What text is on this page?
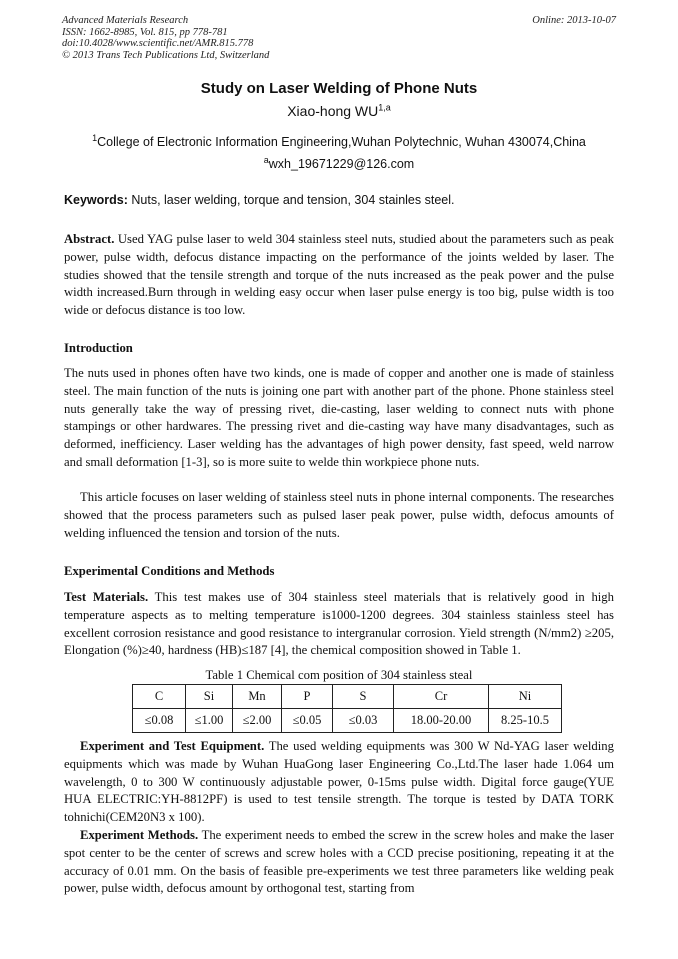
Advanced Materials Research
ISSN: 1662-8985, Vol. 815, pp 778-781
doi:10.4028/www.scientific.net/AMR.815.778
© 2013 Trans Tech Publications Ltd, Switzerland
Online: 2013-10-07
Study on Laser Welding of Phone Nuts
Xiao-hong WU$^{1,a}$
$^1$College of Electronic Information Engineering,Wuhan Polytechnic, Wuhan 430074,China
$^a$wxh_19671229@126.com
Keywords: Nuts, laser welding, torque and tension, 304 stainles steel.
Abstract. Used YAG pulse laser to weld 304 stainless steel nuts, studied about the parameters such as peak power, pulse width, defocus distance impacting on the performance of the joints welded by laser. The studies showed that the tensile strength and torque of the nuts increased as the peak power and the pulse width increased.Burn through in welding easy occur when laser pulse energy is too big, pulse width is too wide or defocus distance is too low.
Introduction
The nuts used in phones often have two kinds, one is made of copper and another one is made of stainless steel. The main function of the nuts is joining one part with another part of the phone. Phone stainless steel nuts generally take the way of pressing rivet, die-casting, laser welding to connect nuts with phone stampings or other hardwares. The pressing rivet and die-casting way have many disadvantages, such as deformed, inefficiency. Laser welding has the advantages of high power density, fast speed, weld narrow and small deformation [1-3], so is more suite to welde thin workpiece phone nuts.
This article focuses on laser welding of stainless steel nuts in phone internal components. The researches showed that the process parameters such as pulsed laser peak power, pulse width, defocus amounts of welding influenced the tension and torsion of the nuts.
Experimental Conditions and Methods
Test Materials. This test makes use of 304 stainless steel materials that is relatively good in high temperature aspects as to melting temperature is1000-1200 degrees. 304 stainless stainless steel has excellent corrosion resistance and good resistance to intergranular corrosion. Yield strength (N/mm2) ≥205, Elongation (%)≥40, hardness (HB)≤187 [4], the chemical composition showed in Table 1.
Table 1 Chemical com position of 304 stainless steal
C	Si	Mn	P	S	Cr	Ni
≤0.08	≤1.00	≤2.00	≤0.05	≤0.03	18.00-20.00	8.25-10.5
Experiment and Test Equipment. The used welding equipments was 300 W Nd-YAG laser welding equipments which was made by Wuhan HuaGong laser Engineering Co.,Ltd.The laser hade 1.064 um wavelength, 0 to 300 W continuously adjustable power, 0-15ms pulse width. Digital force gauge(YUE HUA ELECTRIC:YH-8812PF) is used to test tensile strength. The torque is tested by DATA TORK tohnichi(CEM20N3 x 100).
Experiment Methods. The experiment needs to embed the screw in the screw holes and make the laser spot center to be the center of screws and screw holes with a CCD precise positioning, repeating it at the accuracy of 0.01 mm. On the basis of feasible pre-experiments we test three parameters like welding peak power, pulse width, defocus amount by orthogonal test, starting from
